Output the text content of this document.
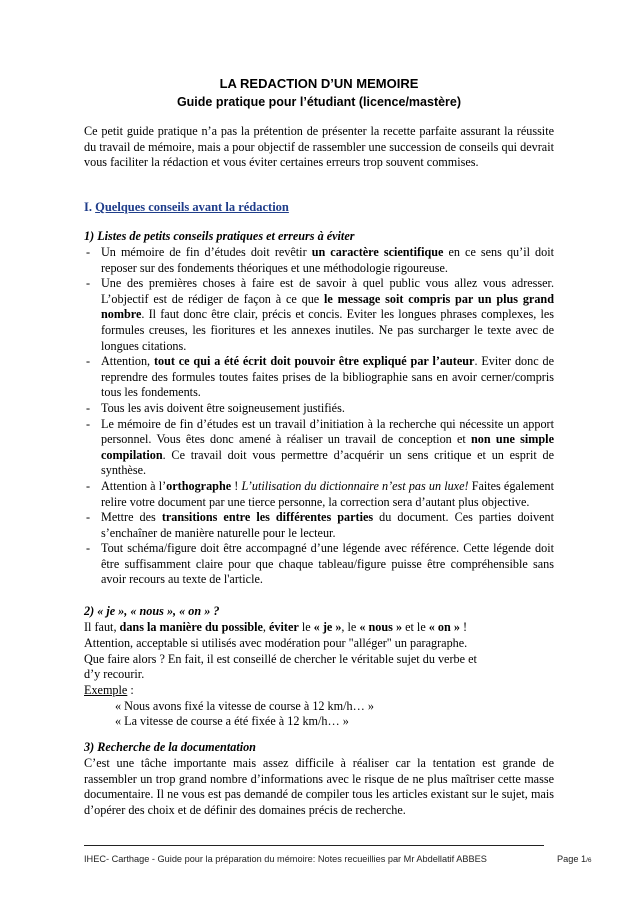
LA REDACTION D’UN MEMOIRE
Guide pratique pour l’étudiant (licence/mastère)
Ce petit guide pratique n’a pas la prétention de présenter la recette parfaite assurant la réussite du travail de mémoire, mais a pour objectif de rassembler une succession de conseils qui devrait vous faciliter la rédaction et vous éviter certaines erreurs trop souvent commises.
I. Quelques conseils avant la rédaction
1) Listes de petits conseils pratiques et erreurs à éviter
- Un mémoire de fin d’études doit revêtir un caractère scientifique en ce sens qu’il doit reposer sur des fondements théoriques et une méthodologie rigoureuse.
- Une des premières choses à faire est de savoir à quel public vous allez vous adresser. L’objectif est de rédiger de façon à ce que le message soit compris par un plus grand nombre. Il faut donc être clair, précis et concis. Eviter les longues phrases complexes, les formules creuses, les fioritures et les annexes inutiles. Ne pas surcharger le texte avec de longues citations.
- Attention, tout ce qui a été écrit doit pouvoir être expliqué par l’auteur. Eviter donc de reprendre des formules toutes faites prises de la bibliographie sans en avoir cerner/compris tous les fondements.
- Tous les avis doivent être soigneusement justifiés.
- Le mémoire de fin d’études est un travail d’initiation à la recherche qui nécessite un apport personnel. Vous êtes donc amené à réaliser un travail de conception et non une simple compilation. Ce travail doit vous permettre d’acquérir un sens critique et un esprit de synthèse.
- Attention à l’orthographe ! L’utilisation du dictionnaire n’est pas un luxe! Faites également relire votre document par une tierce personne, la correction sera d’autant plus objective.
- Mettre des transitions entre les différentes parties du document. Ces parties doivent s’enchaîner de manière naturelle pour le lecteur.
- Tout schéma/figure doit être accompagné d’une légende avec référence. Cette légende doit être suffisamment claire pour que chaque tableau/figure puisse être compréhensible sans avoir recours au texte de l'article.
2) « je », « nous », « on » ?
Il faut, dans la manière du possible, éviter le « je », le « nous » et le « on » !
Attention, acceptable si utilisés avec modération pour "alléger" un paragraphe.
Que faire alors ? En fait, il est conseillé de chercher le véritable sujet du verbe et
d’y recourir.
Exemple :
« Nous avons fixé la vitesse de course à 12 km/h… »
« La vitesse de course a été fixée à 12 km/h… »
3) Recherche de la documentation
C’est une tâche importante mais assez difficile à réaliser car la tentation est grande de rassembler un trop grand nombre d’informations avec le risque de ne plus maîtriser cette masse documentaire. Il ne vous est pas demandé de compiler tous les articles existant sur le sujet, mais d’opérer des choix et de définir des domaines précis de recherche.
IHEC- Carthage - Guide pour la préparation du mémoire: Notes recueillies par Mr Abdellatif ABBES	Page 1/6
